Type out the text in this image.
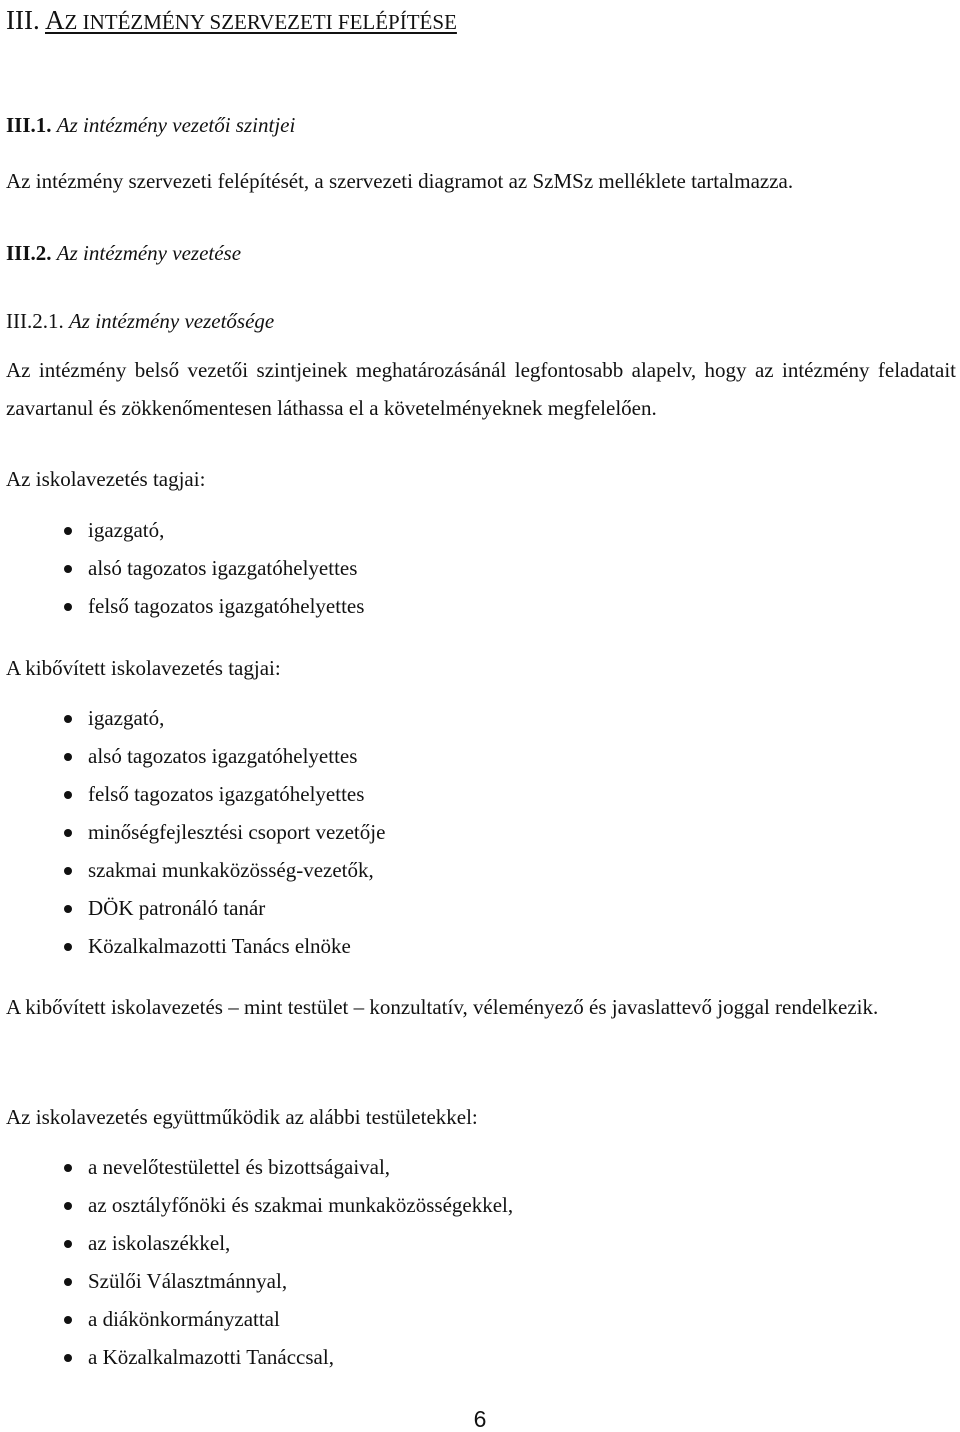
III. AZ INTÉZMÉNY SZERVEZETI FELÉPÍTÉSE

III.1. Az intézmény vezetői szintjei

Az intézmény szervezeti felépítését, a szervezeti diagramot az SzMSz melléklete tartalmazza.

III.2. Az intézmény vezetése

III.2.1. Az intézmény vezetősége

Az intézmény belső vezetői szintjeinek meghatározásánál legfontosabb alapelv, hogy az intézmény feladatait zavartanul és zökkenőmentesen láthassa el a követelményeknek megfelelően.

Az iskolavezetés tagjai:

igazgató,
alsó tagozatos igazgatóhelyettes
felső tagozatos igazgatóhelyettes

A kibővített iskolavezetés tagjai:

igazgató,
alsó tagozatos igazgatóhelyettes
felső tagozatos igazgatóhelyettes
minőségfejlesztési csoport vezetője
szakmai munkaközösség-vezetők,
DÖK patronáló tanár
Közalkalmazotti Tanács elnöke

A kibővített iskolavezetés – mint testület – konzultatív, véleményező és javaslattevő joggal rendelkezik.

Az iskolavezetés együttműködik az alábbi testületekkel:

a nevelőtestülettel és bizottságaival,
az osztályfőnöki és szakmai munkaközösségekkel,
az iskolaszékkel,
Szülői Választmánnyal,
a diákönkormányzattal
a Közalkalmazotti Tanáccsal,

6
